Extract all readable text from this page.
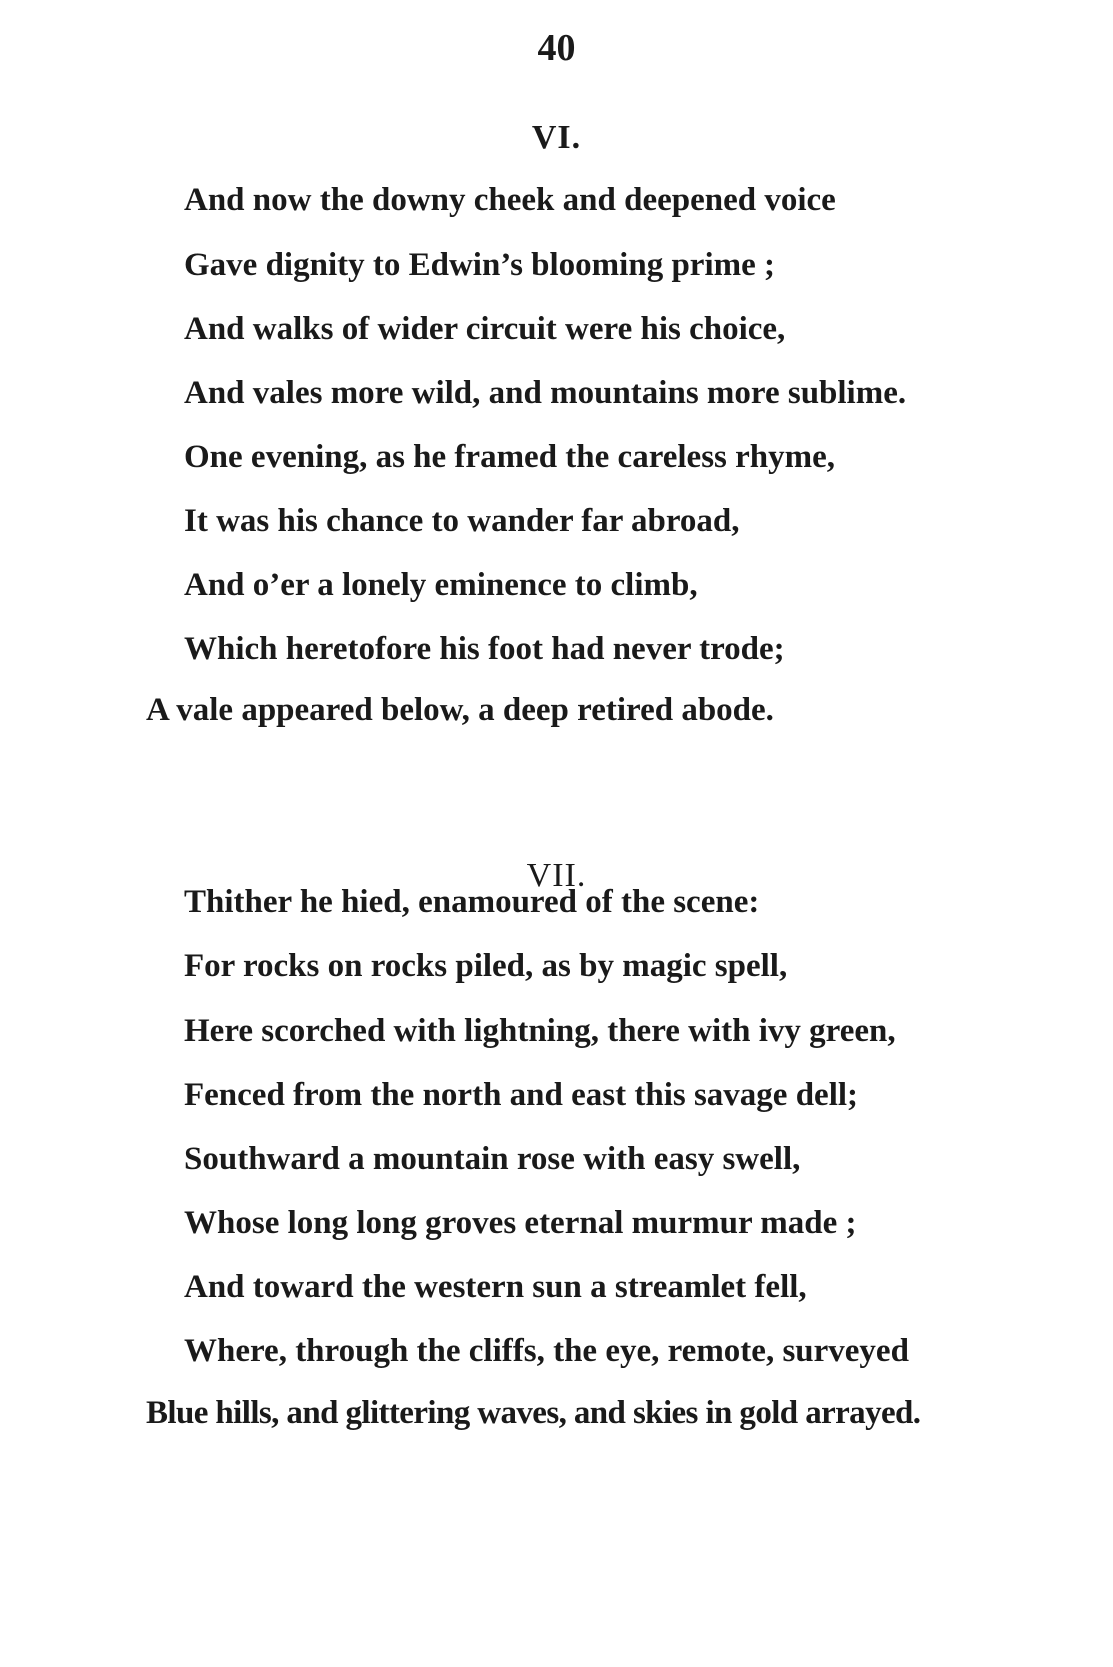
40
VI.
And now the downy cheek and deepened voice
Gave dignity to Edwin’s blooming prime ;
And walks of wider circuit were his choice,
And vales more wild, and mountains more sublime.
One evening, as he framed the careless rhyme,
It was his chance to wander far abroad,
And o’er a lonely eminence to climb,
Which heretofore his foot had never trode;
A vale appeared below, a deep retired abode.
VII.
Thither he hied, enamoured of the scene:
For rocks on rocks piled, as by magic spell,
Here scorched with lightning, there with ivy green,
Fenced from the north and east this savage dell;
Southward a mountain rose with easy swell,
Whose long long groves eternal murmur made ;
And toward the western sun a streamlet fell,
Where, through the cliffs, the eye, remote, surveyed
Blue hills, and glittering waves, and skies in gold arrayed.
